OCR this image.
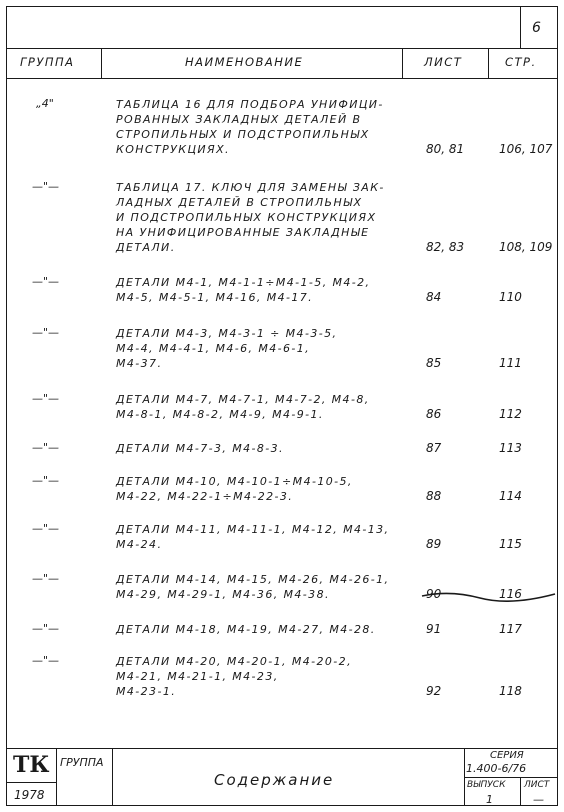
6
ГРУППА	НАИМЕНОВАНИЕ	ЛИСТ	СТР.
„4"	ТАБЛИЦА 16 ДЛЯ ПОДБОРА УНИФИЦИ-
РОВАННЫХ ЗАКЛАДНЫХ ДЕТАЛЕЙ В
СТРОПИЛЬНЫХ И ПОДСТРОПИЛЬНЫХ
КОНСТРУКЦИЯХ.	80, 81	106, 107
—"—	ТАБЛИЦА 17. КЛЮЧ ДЛЯ ЗАМЕНЫ ЗАК-
ЛАДНЫХ ДЕТАЛЕЙ В СТРОПИЛЬНЫХ
И ПОДСТРОПИЛЬНЫХ КОНСТРУКЦИЯХ
НА УНИФИЦИРОВАННЫЕ ЗАКЛАДНЫЕ
ДЕТАЛИ.	82, 83	108, 109
—"—	ДЕТАЛИ М4-1, М4-1-1÷М4-1-5, М4-2,
М4-5, М4-5-1, М4-16, М4-17.	84	110
—"—	ДЕТАЛИ М4-3, М4-3-1 ÷ М4-3-5,
М4-4, М4-4-1, М4-6, М4-6-1,
М4-37.	85	111
—"—	ДЕТАЛИ М4-7, М4-7-1, М4-7-2, М4-8,
М4-8-1, М4-8-2, М4-9, М4-9-1.	86	112
—"—	ДЕТАЛИ М4-7-3, М4-8-3.	87	113
—"—	ДЕТАЛИ М4-10, М4-10-1÷М4-10-5,
М4-22, М4-22-1÷М4-22-3.	88	114
—"—	ДЕТАЛИ М4-11, М4-11-1, М4-12, М4-13,
М4-24.	89	115
—"—	ДЕТАЛИ М4-14, М4-15, М4-26, М4-26-1,
М4-29, М4-29-1, М4-36, М4-38.	90	116
—"—	ДЕТАЛИ М4-18, М4-19, М4-27, М4-28.	91	117
—"—	ДЕТАЛИ М4-20, М4-20-1, М4-20-2,
М4-21, М4-21-1, М4-23,
М4-23-1.	92	118
ТК
1978
ГРУППА
Содержание
СЕРИЯ
1.400-6/76
ВЫПУСК
1
ЛИСТ
—
